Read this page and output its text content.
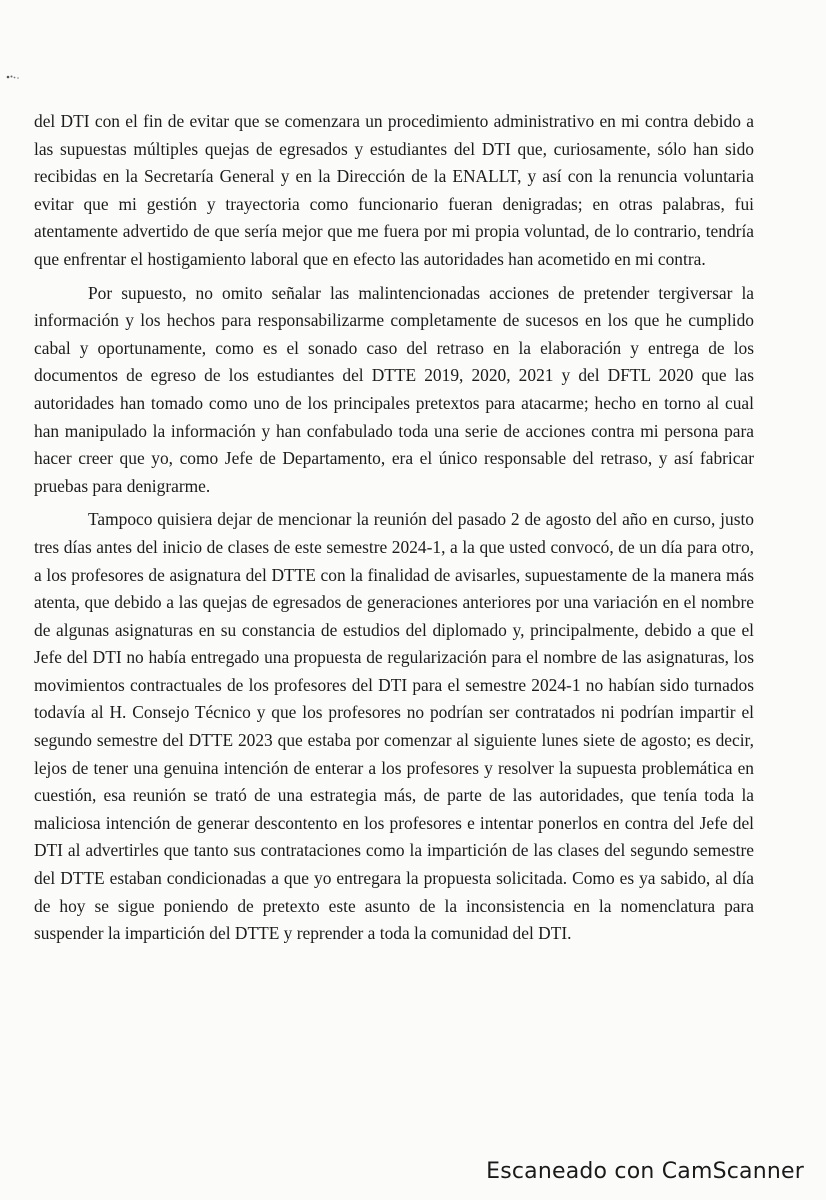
del DTI con el fin de evitar que se comenzara un procedimiento administrativo en mi contra debido a las supuestas múltiples quejas de egresados y estudiantes del DTI que, curiosamente, sólo han sido recibidas en la Secretaría General y en la Dirección de la ENALLT, y así con la renuncia voluntaria evitar que mi gestión y trayectoria como funcionario fueran denigradas; en otras palabras, fui atentamente advertido de que sería mejor que me fuera por mi propia voluntad, de lo contrario, tendría que enfrentar el hostigamiento laboral que en efecto las autoridades han acometido en mi contra.

Por supuesto, no omito señalar las malintencionadas acciones de pretender tergiversar la información y los hechos para responsabilizarme completamente de sucesos en los que he cumplido cabal y oportunamente, como es el sonado caso del retraso en la elaboración y entrega de los documentos de egreso de los estudiantes del DTTE 2019, 2020, 2021 y del DFTL 2020 que las autoridades han tomado como uno de los principales pretextos para atacarme; hecho en torno al cual han manipulado la información y han confabulado toda una serie de acciones contra mi persona para hacer creer que yo, como Jefe de Departamento, era el único responsable del retraso, y así fabricar pruebas para denigrarme.

Tampoco quisiera dejar de mencionar la reunión del pasado 2 de agosto del año en curso, justo tres días antes del inicio de clases de este semestre 2024-1, a la que usted convocó, de un día para otro, a los profesores de asignatura del DTTE con la finalidad de avisarles, supuestamente de la manera más atenta, que debido a las quejas de egresados de generaciones anteriores por una variación en el nombre de algunas asignaturas en su constancia de estudios del diplomado y, principalmente, debido a que el Jefe del DTI no había entregado una propuesta de regularización para el nombre de las asignaturas, los movimientos contractuales de los profesores del DTI para el semestre 2024-1 no habían sido turnados todavía al H. Consejo Técnico y que los profesores no podrían ser contratados ni podrían impartir el segundo semestre del DTTE 2023 que estaba por comenzar al siguiente lunes siete de agosto; es decir, lejos de tener una genuina intención de enterar a los profesores y resolver la supuesta problemática en cuestión, esa reunión se trató de una estrategia más, de parte de las autoridades, que tenía toda la maliciosa intención de generar descontento en los profesores e intentar ponerlos en contra del Jefe del DTI al advertirles que tanto sus contrataciones como la impartición de las clases del segundo semestre del DTTE estaban condicionadas a que yo entregara la propuesta solicitada. Como es ya sabido, al día de hoy se sigue poniendo de pretexto este asunto de la inconsistencia en la nomenclatura para suspender la impartición del DTTE y reprender a toda la comunidad del DTI.

Escaneado con CamScanner
